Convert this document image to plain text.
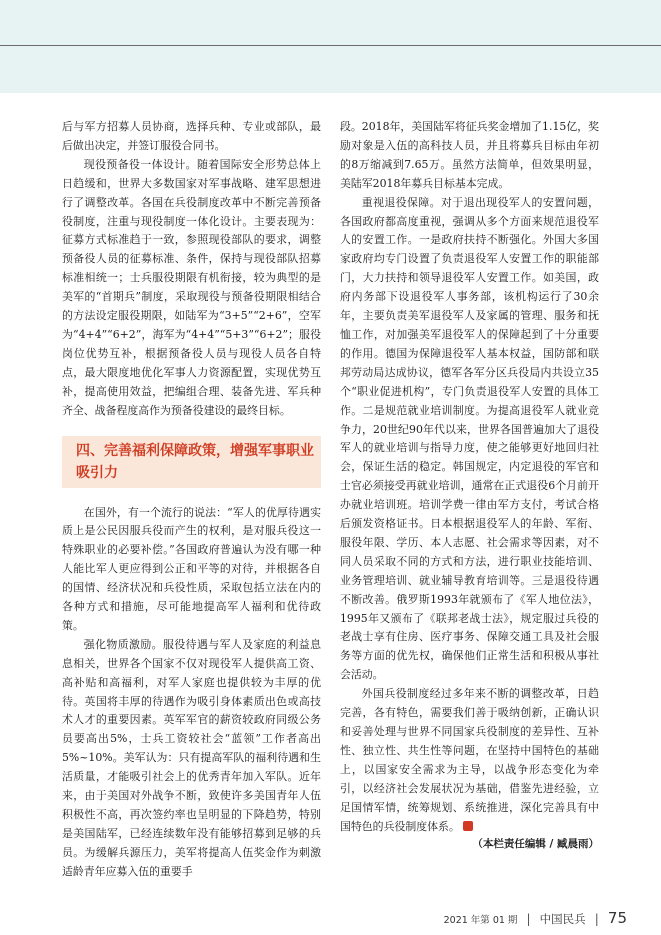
后与军方招募人员协商，选择兵种、专业或部队，最后做出决定，并签订服役合同书。

现役预备役一体设计。随着国际安全形势总体上日趋缓和，世界大多数国家对军事战略、建军思想进行了调整改革。各国在兵役制度改革中不断完善预备役制度，注重与现役制度一体化设计。主要表现为：征募方式标准趋于一致，参照现役部队的要求，调整预备役人员的征募标准、条件，保持与现役部队招募标准相统一；士兵服役期限有机衔接，较为典型的是美军的“首期兵”制度，采取现役与预备役期限相结合的方法设定服役期限，如陆军为“3+5”“2+6”，空军为“4+4”“6+2”，海军为“4+4”“5+3”“6+2”；服役岗位优势互补，根据预备役人员与现役人员各自特点，最大限度地优化军事人力资源配置，实现优势互补，提高使用效益，把编组合理、装备先进、军兵种齐全、战备程度高作为预备役建设的最终目标。

四、完善福利保障政策，增强军事职业吸引力

在国外，有一个流行的说法：“军人的优厚待遇实质上是公民因服兵役而产生的权利，是对服兵役这一特殊职业的必要补偿。”各国政府普遍认为没有哪一种人能比军人更应得到公正和平等的对待，并根据各自的国情、经济状况和兵役性质，采取包括立法在内的各种方式和措施，尽可能地提高军人福利和优待政策。

强化物质激励。服役待遇与军人及家庭的利益息息相关，世界各个国家不仅对现役军人提供高工资、高补贴和高福利，对军人家庭也提供较为丰厚的优待。英国将丰厚的待遇作为吸引身体素质出色或高技术人才的重要因素。英军军官的薪资较政府同级公务员要高出5%，士兵工资较社会“蓝领”工作者高出5%~10%。美军认为：只有提高军队的福利待遇和生活质量，才能吸引社会上的优秀青年加入军队。近年来，由于美国对外战争不断，致使许多美国青年人伍积极性不高，再次签约率也呈明显的下降趋势，特别是美国陆军，已经连续数年没有能够招募到足够的兵员。为缓解兵源压力，美军将提高人伍奖金作为刺激适龄青年应募入伍的重要手

段。2018年，美国陆军将征兵奖金增加了1.15亿，奖励对象是入伍的高科技人员，并且将募兵目标由年初的8万缩减到7.65万。虽然方法简单，但效果明显，美陆军2018年募兵目标基本完成。

重视退役保障。对于退出现役军人的安置问题，各国政府都高度重视，强调从多个方面来规范退役军人的安置工作。一是政府扶持不断强化。外国大多国家政府均专门设置了负责退役军人安置工作的职能部门，大力扶持和领导退役军人安置工作。如美国，政府内务部下设退役军人事务部，该机构运行了30余年，主要负责美军退役军人及家属的管理、服务和抚恤工作，对加强美军退役军人的保障起到了十分重要的作用。德国为保障退役军人基本权益，国防部和联邦劳动局达成协议，德军各军分区兵役局内共设立35个“职业促进机构”，专门负责退役军人安置的具体工作。二是规范就业培训制度。为提高退役军人就业竞争力，20世纪90年代以来，世界各国普遍加大了退役军人的就业培训与指导力度，使之能够更好地回归社会，保证生活的稳定。韩国规定，内定退役的军官和士官必须接受再就业培训，通常在正式退役6个月前开办就业培训班。培训学费一律由军方支付，考试合格后颁发资格证书。日本根据退役军人的年龄、军衔、服役年限、学历、本人志愿、社会需求等因素，对不同人员采取不同的方式和方法，进行职业技能培训、业务管理培训、就业辅导教育培训等。三是退役待遇不断改善。俄罗斯1993年就颁布了《军人地位法》，1995年又颁布了《联邦老战士法》，规定服过兵役的老战士享有住房、医疗事务、保障交通工具及社会服务等方面的优先权，确保他们正常生活和积极从事社会活动。

外国兵役制度经过多年来不断的调整改革，日趋完善，各有特色，需要我们善于吸纳创新，正确认识和妥善处理与世界不同国家兵役制度的差异性、互补性、独立性、共生性等问题，在坚持中国特色的基础上，以国家安全需求为主导，以战争形态变化为牵引，以经济社会发展状况为基础，借鉴先进经验，立足国情军情，统筹规划、系统推进，深化完善具有中国特色的兵役制度体系。

（本栏责任编辑 / 臧晨雨）
2021 年第 01 期 | 中国民兵 | 75
